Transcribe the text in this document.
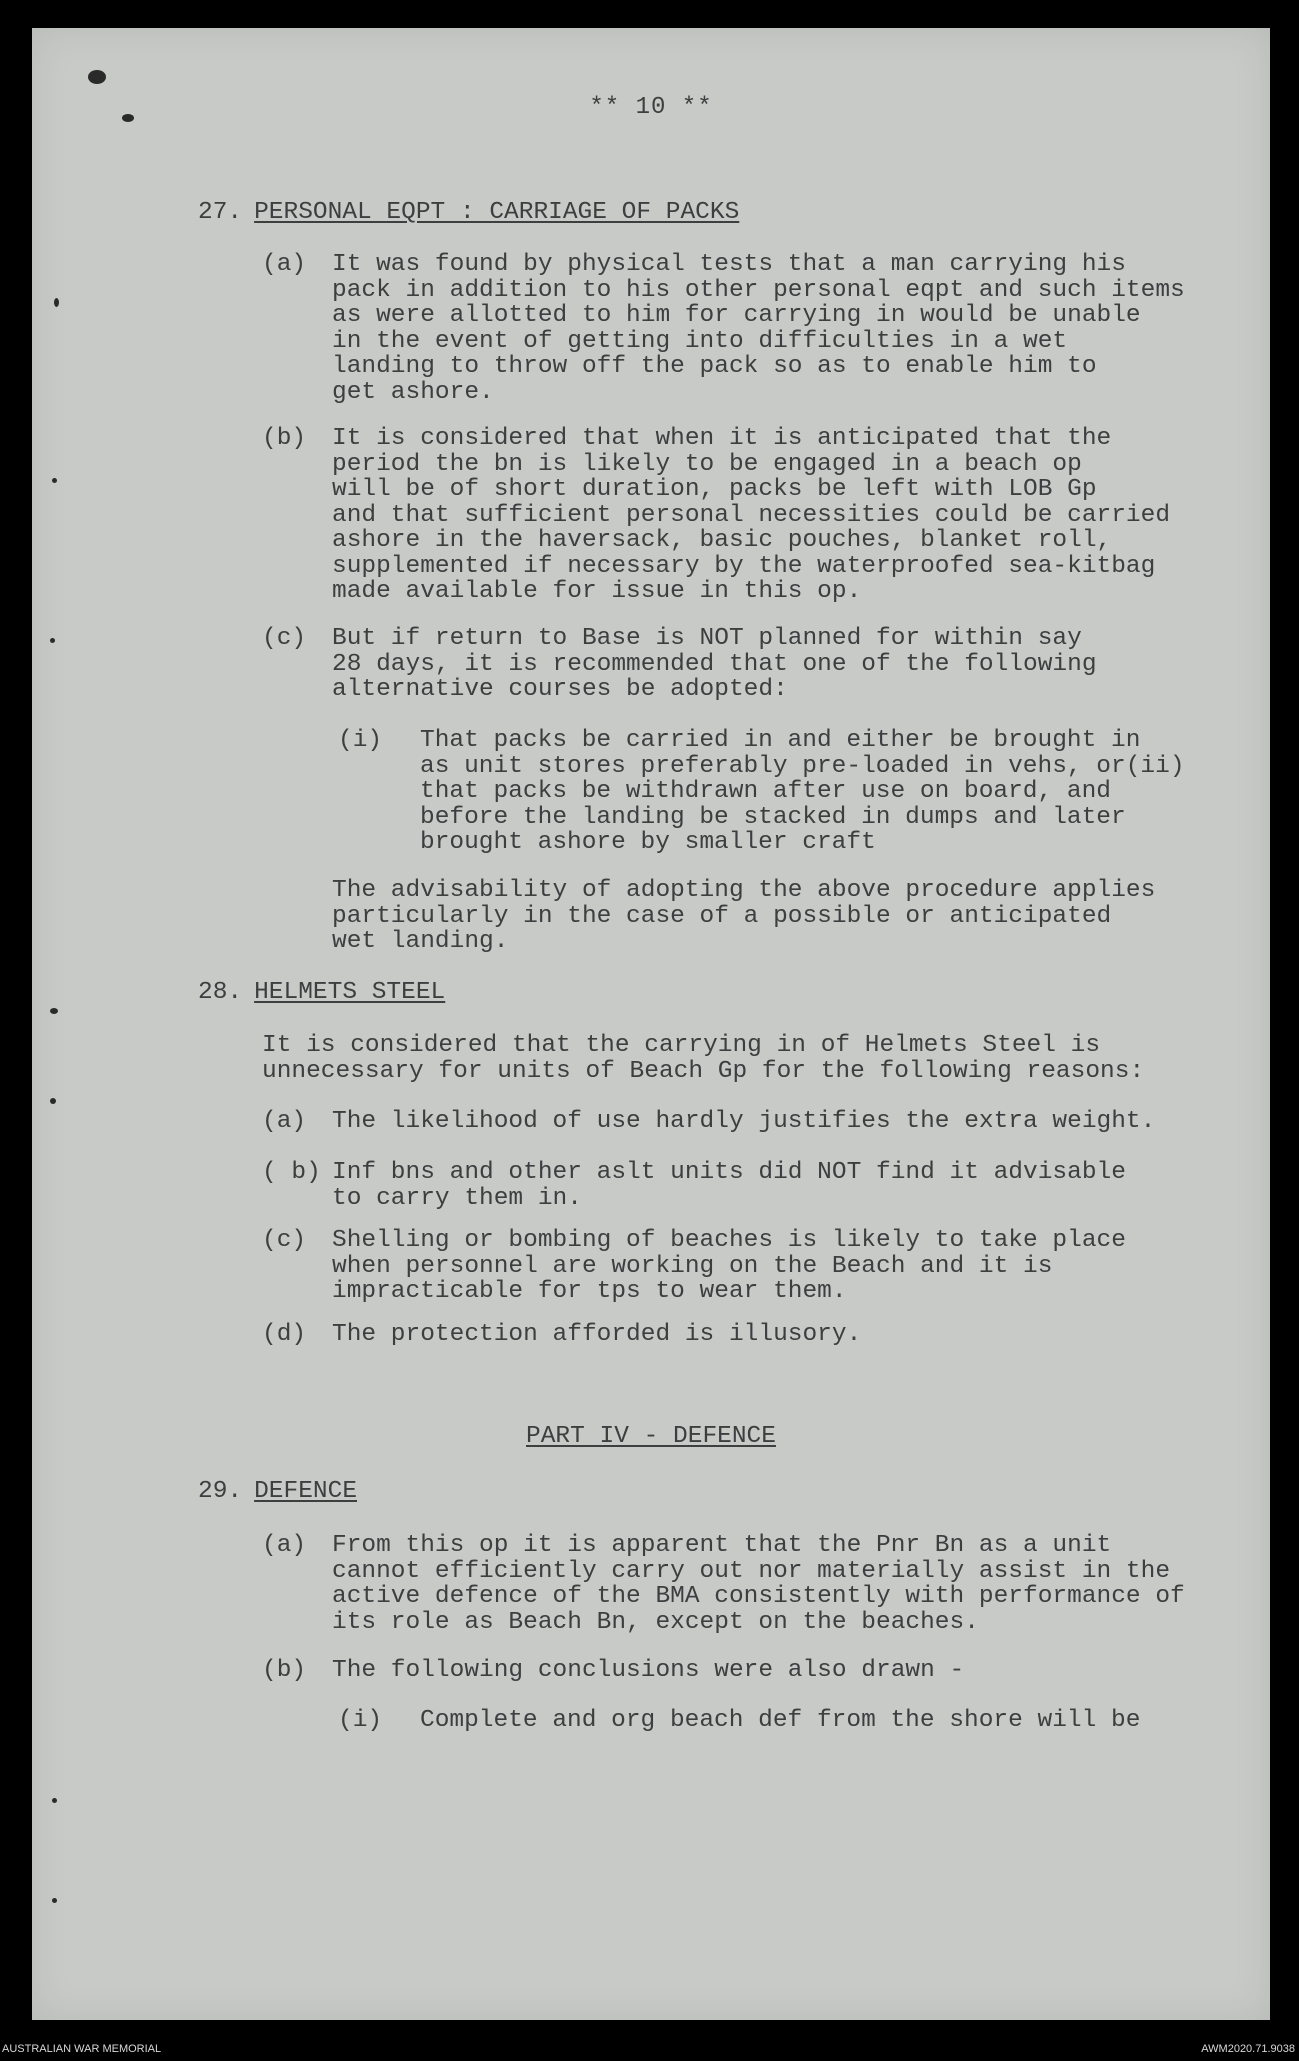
** 10 **
27. PERSONAL EQPT : CARRIAGE OF PACKS
(a) It was found by physical tests that a man carrying his
pack in addition to his other personal eqpt and such items
as were allotted to him for carrying in would be unable
in the event of getting into difficulties in a wet
landing to throw off the pack so as to enable him to
get ashore.
(b) It is considered that when it is anticipated that the
period the bn is likely to be engaged in a beach op
will be of short duration, packs be left with LOB Gp
and that sufficient personal necessities could be carried
ashore in the haversack, basic pouches, blanket roll,
supplemented if necessary by the waterproofed sea-kitbag
made available for issue in this op.
(c) But if return to Base is NOT planned for within say
28 days, it is recommended that one of the following
alternative courses be adopted:
(i) That packs be carried in and either be brought in
as unit stores preferably pre-loaded in vehs, or(ii)
that packs be withdrawn after use on board, and
before the landing be stacked in dumps and later
brought ashore by smaller craft
The advisability of adopting the above procedure applies
particularly in the case of a possible or anticipated
wet landing.
28. HELMETS STEEL
It is considered that the carrying in of Helmets Steel is
unnecessary for units of Beach Gp for the following reasons:
(a) The likelihood of use hardly justifies the extra weight.
( b) Inf bns and other aslt units did NOT find it advisable
to carry them in.
(c) Shelling or bombing of beaches is likely to take place
when personnel are working on the Beach and it is
impracticable for tps to wear them.
(d) The protection afforded is illusory.
PART IV - DEFENCE
29. DEFENCE
(a) From this op it is apparent that the Pnr Bn as a unit
cannot efficiently carry out nor materially assist in the
active defence of the BMA consistently with performance of
its role as Beach Bn, except on the beaches.
(b) The following conclusions were also drawn -
(i) Complete and org beach def from the shore will be
AUSTRALIAN WAR MEMORIAL	AWM2020.71.9038
